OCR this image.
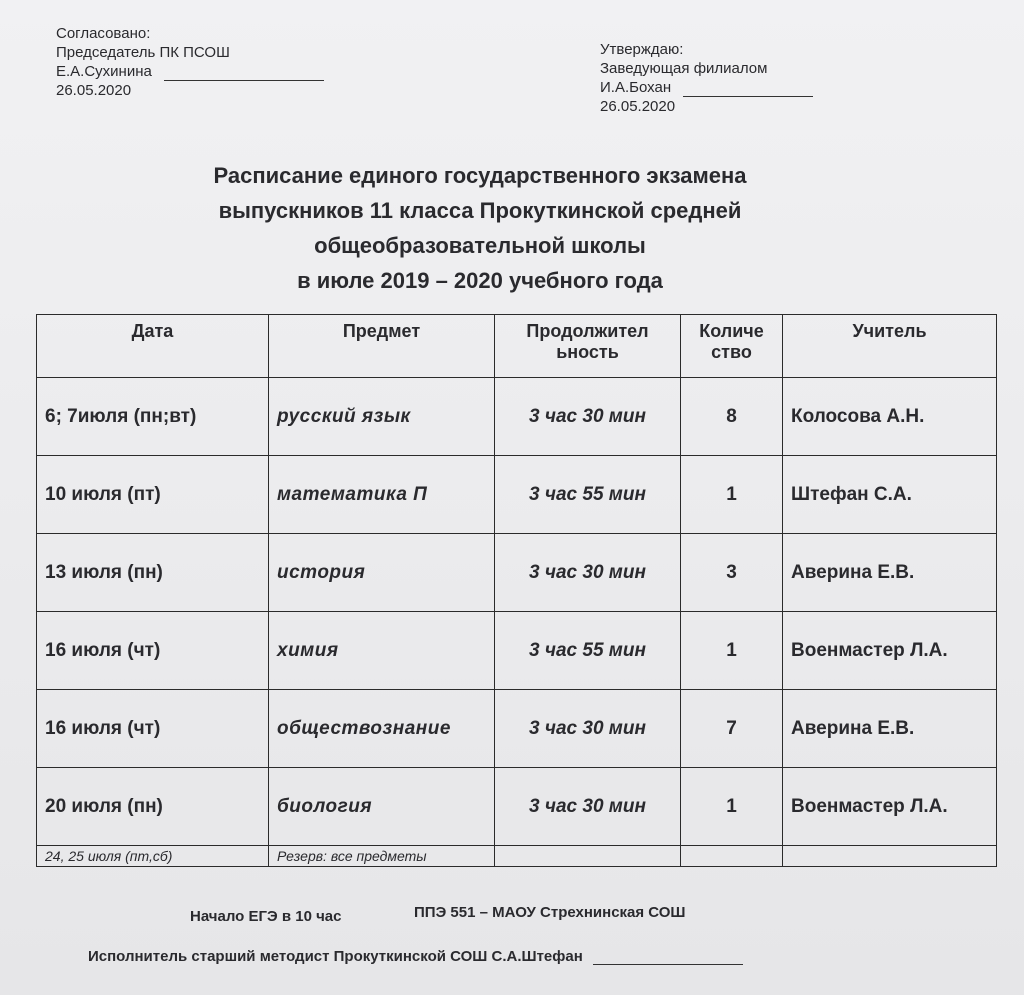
Согласовано:
Председатель ПК ПСОШ
Е.А.Сухинина
26.05.2020
Утверждаю:
Заведующая филиалом
И.А.Бохан
26.05.2020
Расписание единого государственного экзамена
выпускников 11 класса Прокуткинской средней
общеобразовательной школы
в июле 2019 – 2020 учебного года
Дата	Предмет	Продолжител ьность	Количе ство	Учитель
6; 7июля (пн;вт)	русский язык	3 час 30 мин	8	Колосова А.Н.
10 июля (пт)	математика П	3 час 55 мин	1	Штефан С.А.
13 июля (пн)	история	3 час 30 мин	3	Аверина Е.В.
16 июля (чт)	химия	3 час 55 мин	1	Военмастер Л.А.
16 июля (чт)	обществознание	3 час 30 мин	7	Аверина Е.В.
20 июля (пн)	биология	3 час 30 мин	1	Военмастер Л.А.
24, 25 июля (пт,сб)	Резерв: все предметы			
Начало ЕГЭ в 10 час	ППЭ 551 – МАОУ Стрехнинская СОШ
Исполнитель старший методист Прокуткинской СОШ С.А.Штефан
